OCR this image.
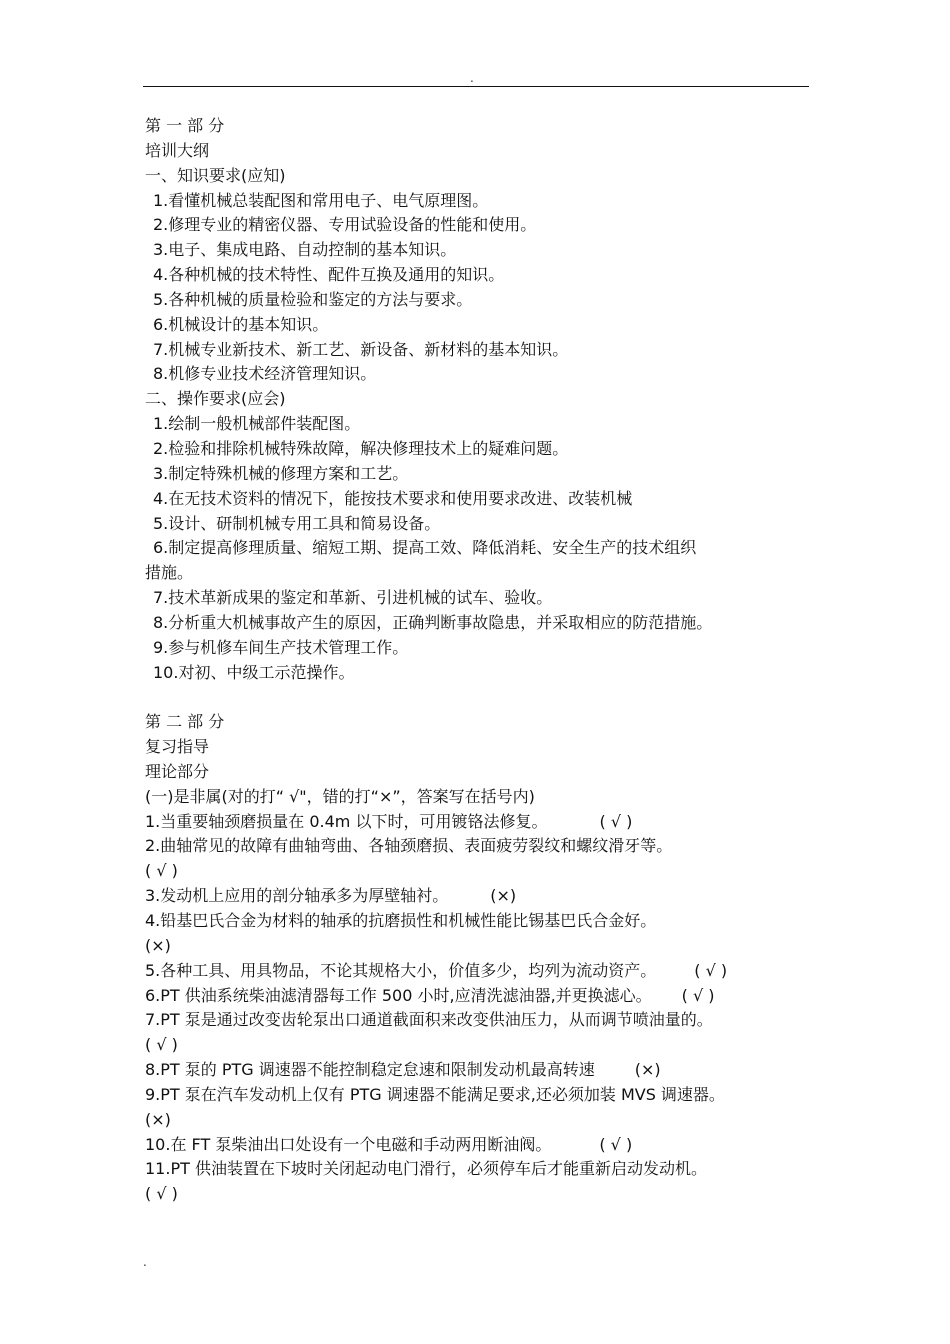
.
第 一 部 分
培训大纲
一、知识要求(应知)
1.看懂机械总装配图和常用电子、电气原理图。
2.修理专业的精密仪器、专用试验设备的性能和使用。
3.电子、集成电路、自动控制的基本知识。
4.各种机械的技术特性、配件互换及通用的知识。
5.各种机械的质量检验和鉴定的方法与要求。
6.机械设计的基本知识。
7.机械专业新技术、新工艺、新设备、新材料的基本知识。
8.机修专业技术经济管理知识。
二、操作要求(应会)
1.绘制一般机械部件装配图。
2.检验和排除机械特殊故障，解决修理技术上的疑难问题。
3.制定特殊机械的修理方案和工艺。
4.在无技术资料的情况下，能按技术要求和使用要求改进、改装机械
5.设计、研制机械专用工具和简易设备。
6.制定提高修理质量、缩短工期、提高工效、降低消耗、安全生产的技术组织
措施。
7.技术革新成果的鉴定和革新、引进机械的试车、验收。
8.分析重大机械事故产生的原因，正确判断事故隐患，并采取相应的防范措施。
9.参与机修车间生产技术管理工作。
10.对初、中级工示范操作。
第 二 部 分
复习指导
理论部分
(一)是非属(对的打“ √"，错的打“×”，答案写在括号内)
1.当重要轴颈磨损量在 0.4m 以下时，可用镀铬法修复。	( √ )
2.曲轴常见的故障有曲轴弯曲、各轴颈磨损、表面疲劳裂纹和螺纹滑牙等。
( √ )
3.发动机上应用的剖分轴承多为厚壁轴衬。	(×)
4.铅基巴氏合金为材料的轴承的抗磨损性和机械性能比锡基巴氏合金好。
(×)
5.各种工具、用具物品，不论其规格大小，价值多少，均列为流动资产。 ( √ )
6.PT 供油系统柴油滤清器每工作 500 小时,应清洗滤油器,并更换滤心。 ( √ )
7.PT 泵是通过改变齿轮泵出口通道截面积来改变供油压力，从而调节喷油量的。
( √ )
8.PT 泵的 PTG 调速器不能控制稳定怠速和限制发动机最高转速	(×)
9.PT 泵在汽车发动机上仅有 PTG 调速器不能满足要求,还必须加装 MVS 调速器。
(×)
10.在 FT 泵柴油出口处设有一个电磁和手动两用断油阀。	( √ )
11.PT 供油装置在下坡时关闭起动电门滑行，必须停车后才能重新启动发动机。
( √ )
.
